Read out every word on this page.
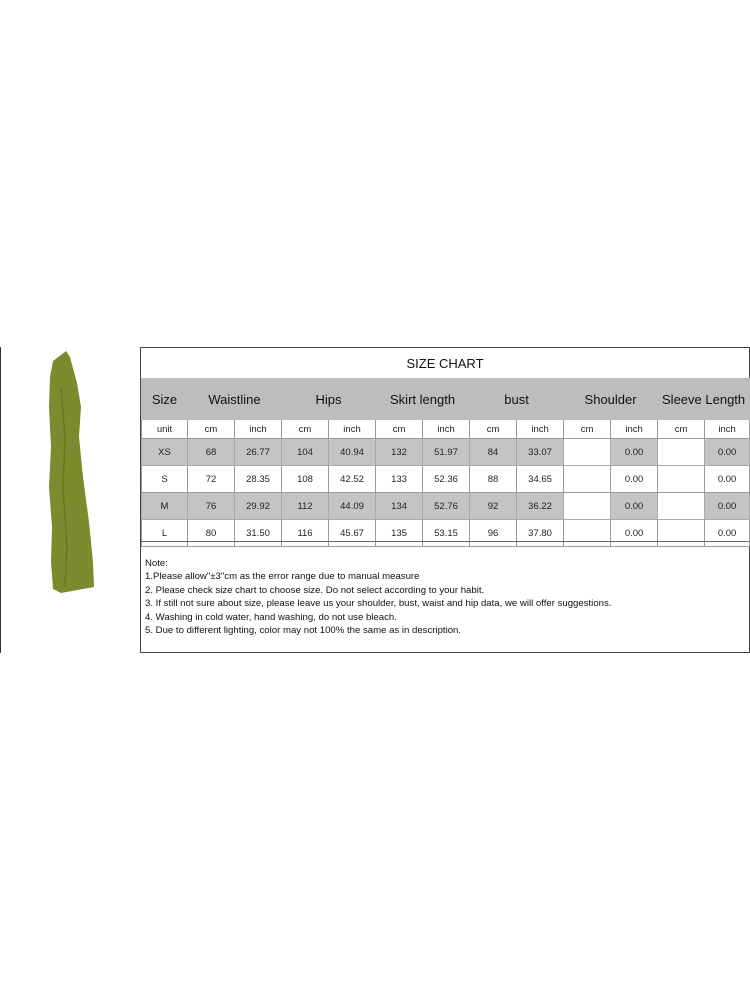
SIZE CHART
Size	Waistline		Hips		Skirt length		bust		Shoulder		Sleeve Length	
unit	cm	inch	cm	inch	cm	inch	cm	inch	cm	inch	cm	inch
XS	68	26.77	104	40.94	132	51.97	84	33.07		0.00		0.00
S	72	28.35	108	42.52	133	52.36	88	34.65		0.00		0.00
M	76	29.92	112	44.09	134	52.76	92	36.22		0.00		0.00
L	80	31.50	116	45.67	135	53.15	96	37.80		0.00		0.00
Note:
1.Please allow"±3"cm as the error range due to manual measure
2. Please check size chart to choose size. Do not select according to your habit.
3. If still not sure about size, please leave us your shoulder, bust, waist and hip data, we will offer suggestions.
4. Washing in cold water, hand washing, do not use bleach.
5. Due to different lighting, color may not 100% the same as in description.
